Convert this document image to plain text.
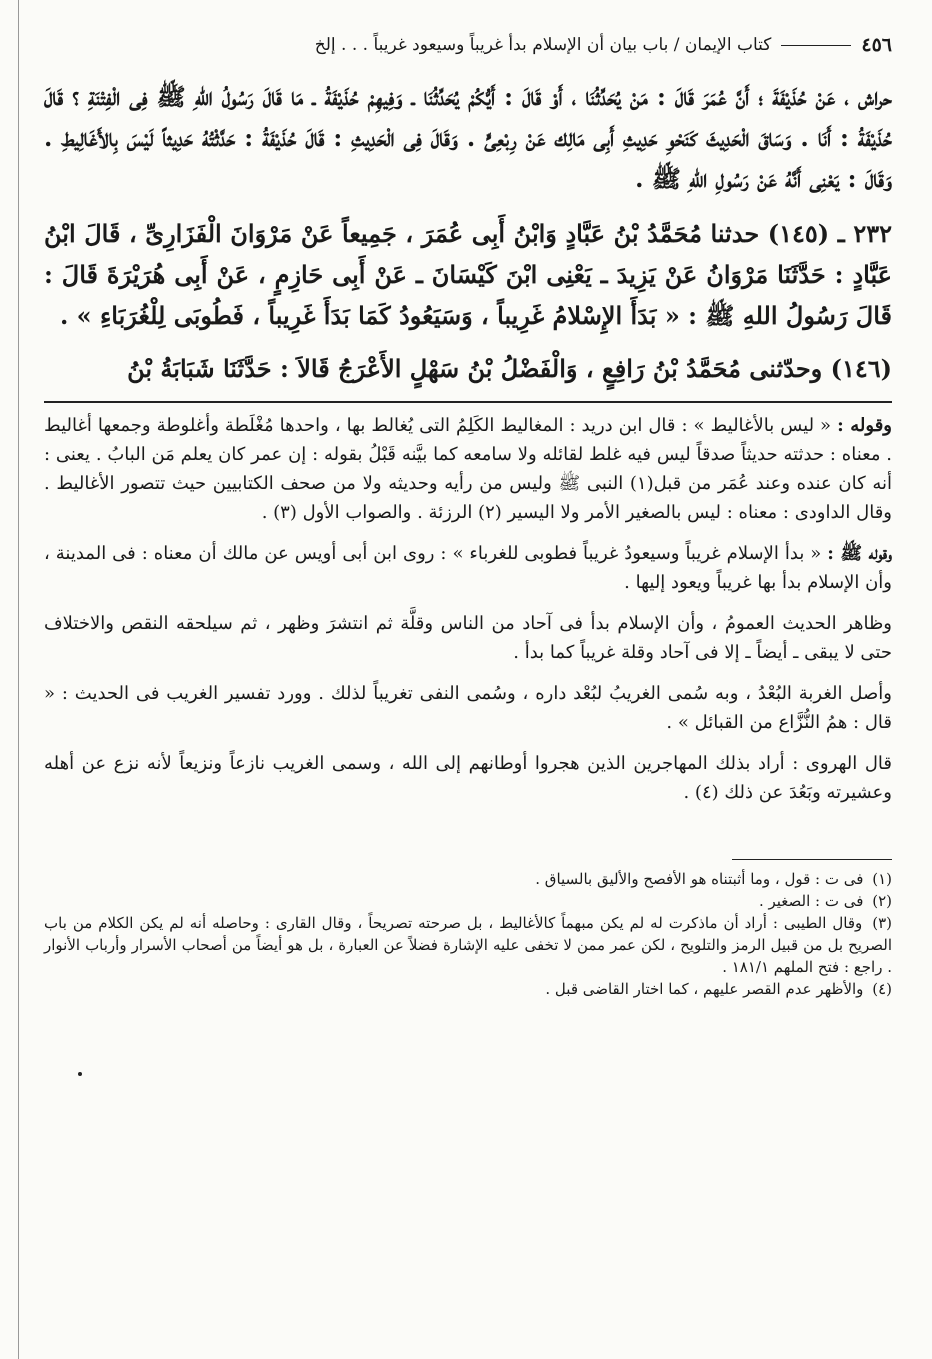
٤٥٦
كتاب الإيمان / باب بيان أن الإسلام بدأ غريباً وسيعود غريباً . . . إلخ

حراش ، عَنْ حُذَيْفَةَ ؛ أَنَّ عُمَرَ قَالَ : مَنْ يُحَدِّثُنَا ، أَوْ قَالَ : أَيُّكُمْ يُحَدِّثُنَا ـ وَفِيهِمْ حُذَيْفَةُ ـ مَا قَالَ رَسُولُ اللهِ ﷺ فِى الْفِتْنَةِ ؟ قَالَ حُذَيْفَةُ : أَنَا . وَسَاقَ الْحَدِيثَ كَنَحْوِ حَدِيثِ أَبِى مَالِك عَنْ رِبْعِىٍّ . وَقَالَ فِى الْحَدِيثِ : قَالَ حُذَيْفَةُ : حَدَّثْتُهُ حَدِيثاً لَيْسَ بِالأَغَالِيطِ . وَقَالَ : يَعْنِى أَنَّهُ عَنْ رَسُولِ اللهِ ﷺ .

٢٣٢ ـ (١٤٥) حدثنا مُحَمَّدُ بْنُ عَبَّادٍ وَابْنُ أَبِى عُمَرَ ، جَمِيعاً عَنْ مَرْوَانَ الْفَزَارِىِّ ، قَالَ ابْنُ عَبَّادٍ : حَدَّثَنَا مَرْوَانُ عَنْ يَزِيدَ ـ يَعْنِى ابْنَ كَيْسَانَ ـ عَنْ أَبِى حَازِمٍ ، عَنْ أَبِى هُرَيْرَةَ قَالَ : قَالَ رَسُولُ اللهِ ﷺ : « بَدَأَ الإِسْلامُ غَرِيباً ، وَسَيَعُودُ كَمَا بَدَأَ غَرِيباً ، فَطُوبَى لِلْغُرَبَاءِ » .

(١٤٦) وحدّثنى مُحَمَّدُ بْنُ رَافِعٍ ، وَالْفَضْلُ بْنُ سَهْلٍ الأَعْرَجُ قَالاَ : حَدَّثَنَا شَبَابَةُ بْنُ

وقوله : « ليس بالأغاليط » : قال ابن دريد : المغاليط الكَلِمُ التى يُغالط بها ، واحدها مُغْلَطة وأغلوطة وجمعها أغاليط . معناه : حدثته حديثاً صدقاً ليس فيه غلط لقائله ولا سامعه كما بيَّنه قَبْلُ بقوله : إن عمر كان يعلم مَن البابُ . يعنى : أنه كان عنده وعند عُمَر من قبل(١) النبى ﷺ وليس من رأيه وحديثه ولا من صحف الكتابيين حيث تتصور الأغاليط . وقال الداودى : معناه : ليس بالصغير الأمر ولا اليسير (٢) الرزئة . والصواب الأول (٣) .

وقوله ﷺ : « بدأ الإسلام غريباً وسيعودُ غريباً فطوبى للغرباء » : روى ابن أبى أويس عن مالك أن معناه : فى المدينة ، وأن الإسلام بدأ بها غريباً ويعود إليها .

وظاهر الحديث العمومُ ، وأن الإسلام بدأ فى آحاد من الناس وقلَّة ثم انتشرَ وظهر ، ثم سيلحقه النقص والاختلاف حتى لا يبقى ـ أيضاً ـ إلا فى آحاد وقلة غريباً كما بدأ .

وأصل الغربة البُعْدُ ، وبه سُمى الغريبُ لبُعْد داره ، وسُمى النفى تغريباً لذلك . وورد تفسير الغريب فى الحديث : « قال : همُ النُّزَّاع من القبائل » .

قال الهروى : أراد بذلك المهاجرين الذين هجروا أوطانهم إلى الله ، وسمى الغريب نازعاً ونزيعاً لأنه نزع عن أهله وعشيرته وبَعُدَ عن ذلك (٤) .

(١) فى ت : قول ، وما أثبتناه هو الأفصح والأليق بالسياق .

(٢) فى ت : الصغير .

(٣) وقال الطيبى : أراد أن ماذكرت له لم يكن مبهماً كالأغاليط ، بل صرحته تصريحاً ، وقال القارى : وحاصله أنه لم يكن الكلام من باب الصريح بل من قبيل الرمز والتلويح ، لكن عمر ممن لا تخفى عليه الإشارة فضلاً عن العبارة ، بل هو أيضاً من أصحاب الأسرار وأرباب الأنوار . راجع : فتح الملهم ١٨١/١ .

(٤) والأظهر عدم القصر عليهم ، كما اختار القاضى قبل .
